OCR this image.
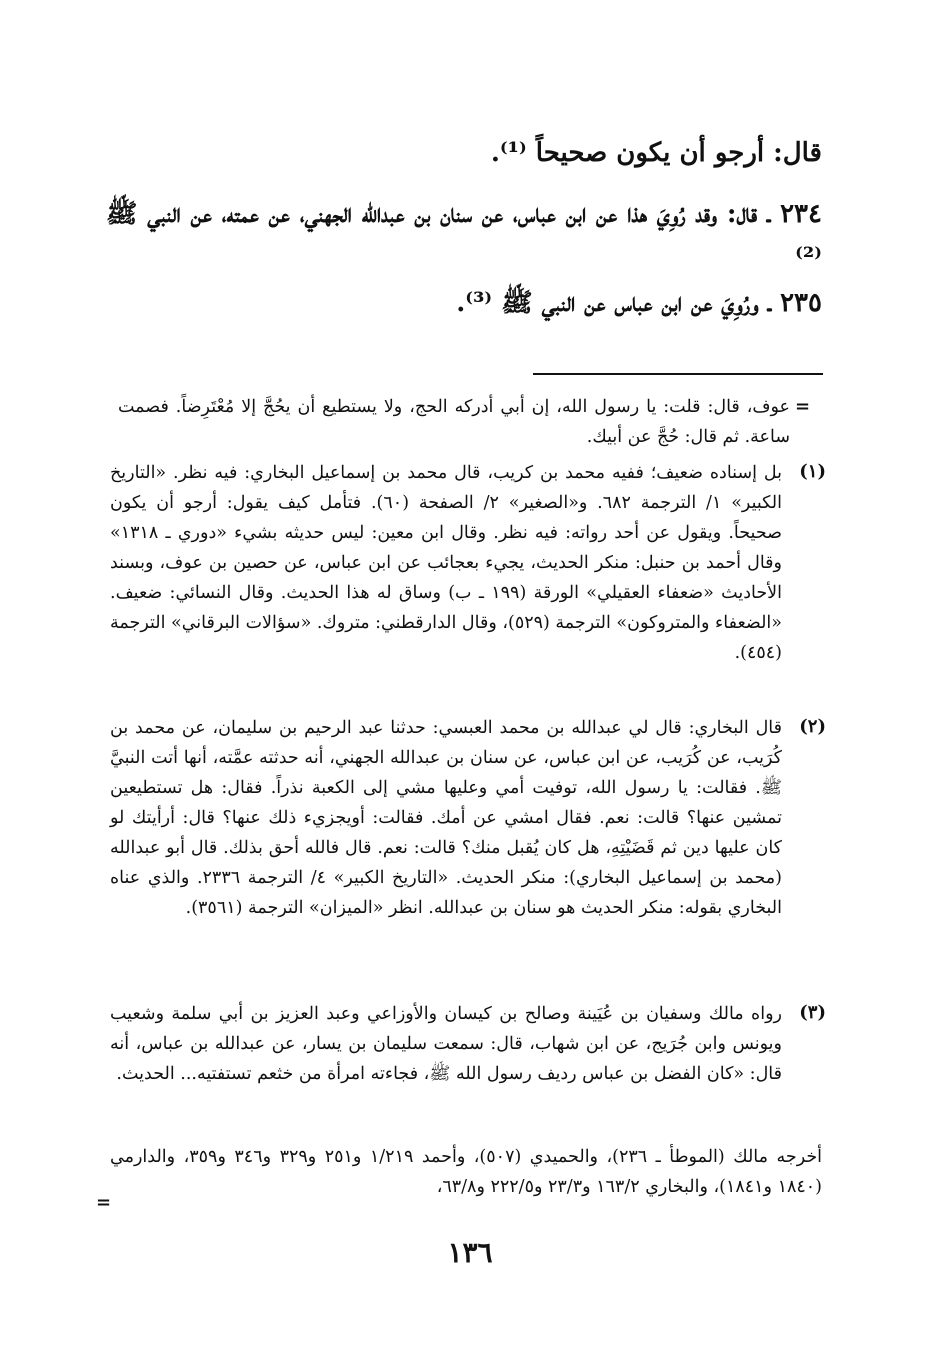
قال: أرجو أن يكون صحيحاً ⁽¹⁾.
٢٣٤ ـ قال: وقد رُوِيَ هذا عن ابن عباس، عن سنان بن عبدالله الجهني، عن عمته، عن النبي ﷺ ⁽²⁾
٢٣٥ ـ ورُوِيَ عن ابن عباس عن النبي ﷺ ⁽³⁾.
=
عوف، قال: قلت: يا رسول الله، إن أبي أدركه الحج، ولا يستطيع أن يحُجَّ إلا مُعْتَرِضاً. فصمت ساعة. ثم قال: حُجَّ عن أبيك.
(١)
بل إسناده ضعيف؛ ففيه محمد بن كريب، قال محمد بن إسماعيل البخاري: فيه نظر. «التاريخ الكبير» ١/ الترجمة ٦٨٢. و«الصغير» ٢/ الصفحة (٦٠). فتأمل كيف يقول: أرجو أن يكون صحيحاً. ويقول عن أحد رواته: فيه نظر. وقال ابن معين: ليس حديثه بشيء «دوري ـ ١٣١٨» وقال أحمد بن حنبل: منكر الحديث، يجيء بعجائب عن ابن عباس، عن حصين بن عوف، وبسند الأحاديث «ضعفاء العقيلي» الورقة (١٩٩ ـ ب) وساق له هذا الحديث. وقال النسائي: ضعيف. «الضعفاء والمتروكون» الترجمة (٥٢٩)، وقال الدارقطني: متروك. «سؤالات البرقاني» الترجمة (٤٥٤).
(٢)
قال البخاري: قال لي عبدالله بن محمد العبسي: حدثنا عبد الرحيم بن سليمان، عن محمد بن كُرَيب، عن كُرَيب، عن ابن عباس، عن سنان بن عبدالله الجهني، أنه حدثته عمَّته، أنها أتت النبيَّ ﷺ. فقالت: يا رسول الله، توفيت أمي وعليها مشي إلى الكعبة نذراً. فقال: هل تستطيعين تمشين عنها؟ قالت: نعم. فقال امشي عن أمك. فقالت: أويجزيء ذلك عنها؟ قال: أرأيتك لو كان عليها دين ثم قَضَيْتِهِ، هل كان يُقبل منك؟ قالت: نعم. قال فالله أحق بذلك. قال أبو عبدالله (محمد بن إسماعيل البخاري): منكر الحديث. «التاريخ الكبير» ٤/ الترجمة ٢٣٣٦. والذي عناه البخاري بقوله: منكر الحديث هو سنان بن عبدالله. انظر «الميزان» الترجمة (٣٥٦١).
(٣)
رواه مالك وسفيان بن عُيَينة وصالح بن كيسان والأوزاعي وعبد العزيز بن أبي سلمة وشعيب ويونس وابن جُرَيج، عن ابن شهاب، قال: سمعت سليمان بن يسار، عن عبدالله بن عباس، أنه قال: «كان الفضل بن عباس رديف رسول الله ﷺ، فجاءته امرأة من خثعم تستفتيه... الحديث.
أخرجه مالك (الموطأ ـ ٢٣٦)، والحميدي (٥٠٧)، وأحمد ١/٢١٩ و٢٥١ و٣٢٩ و٣٤٦ و٣٥٩، والدارمي (١٨٤٠ و١٨٤١)، والبخاري ١٦٣/٢ و٢٣/٣ و٢٢٢/٥ و٦٣/٨،
=
١٣٦
